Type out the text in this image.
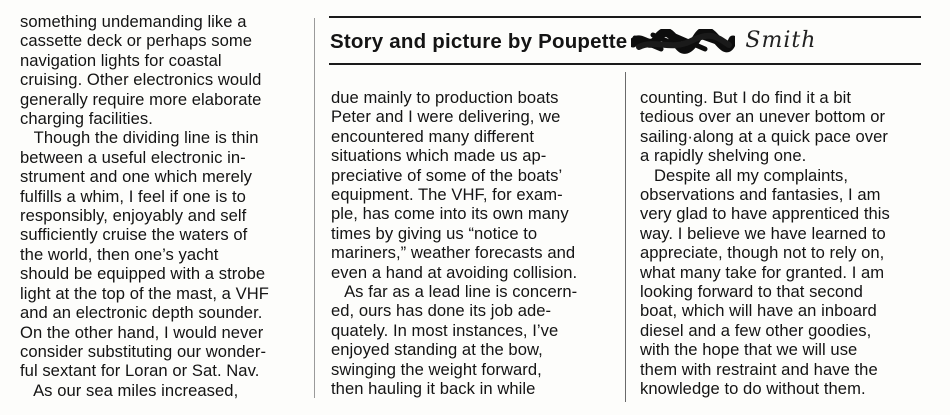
something undemanding like a

cassette deck or perhaps some

navigation lights for coastal

cruising. Other electronics would

generally require more elaborate

charging facilities.

Though the dividing line is thin

between a useful electronic in-

strument and one which merely

fulfills a whim, I feel if one is to

responsibly, enjoyably and self

sufficiently cruise the waters of

the world, then one’s yacht

should be equipped with a strobe

light at the top of the mast, a VHF

and an electronic depth sounder.

On the other hand, I would never

consider substituting our wonder-

ful sextant for Loran or Sat. Nav.

As our sea miles increased,

Story and picture by Poupette	Smith

due mainly to production boats

Peter and I were delivering, we

encountered many different

situations which made us ap-

preciative of some of the boats’

equipment. The VHF, for exam-

ple, has come into its own many

times by giving us “notice to

mariners,” weather forecasts and

even a hand at avoiding collision.

As far as a lead line is concern-

ed, ours has done its job ade-

quately. In most instances, I’ve

enjoyed standing at the bow,

swinging the weight forward,

then hauling it back in while

counting. But I do find it a bit

tedious over an unever bottom or

sailing·along at a quick pace over

a rapidly shelving one.

Despite all my complaints,

observations and fantasies, I am

very glad to have apprenticed this

way. I believe we have learned to

appreciate, though not to rely on,

what many take for granted. I am

looking forward to that second

boat, which will have an inboard

diesel and a few other goodies,

with the hope that we will use

them with restraint and have the

knowledge to do without them.
